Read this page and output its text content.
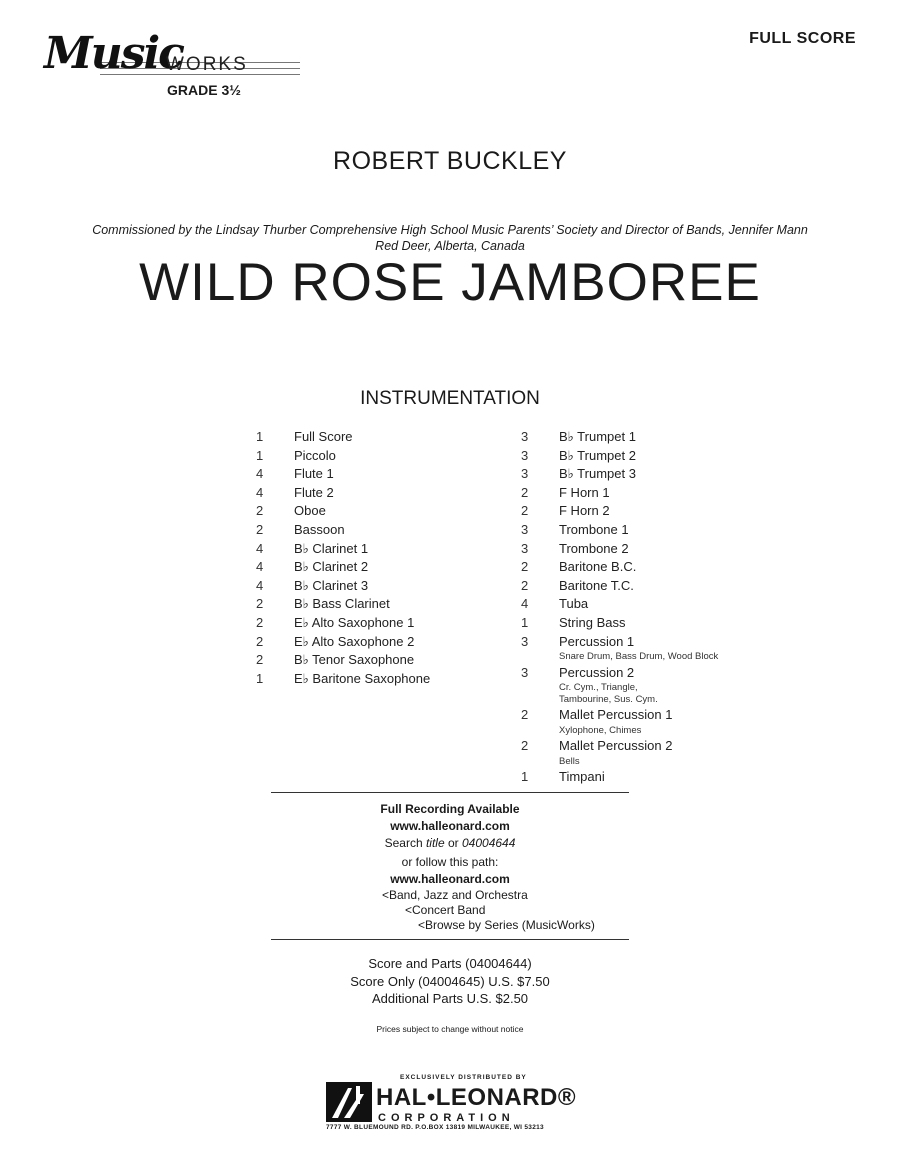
Music
WORKS
GRADE 3½
FULL SCORE
ROBERT BUCKLEY
Commissioned by the Lindsay Thurber Comprehensive High School Music Parents’ Society and Director of Bands, Jennifer Mann
Red Deer, Alberta, Canada
WILD ROSE JAMBOREE
INSTRUMENTATION
1	Full Score
1	Piccolo
4	Flute 1
4	Flute 2
2	Oboe
2	Bassoon
4	B♭ Clarinet 1
4	B♭ Clarinet 2
4	B♭ Clarinet 3
2	B♭ Bass Clarinet
2	E♭ Alto Saxophone 1
2	E♭ Alto Saxophone 2
2	B♭ Tenor Saxophone
1	E♭ Baritone Saxophone
3	B♭ Trumpet 1
3	B♭ Trumpet 2
3	B♭ Trumpet 3
2	F Horn 1
2	F Horn 2
3	Trombone 1
3	Trombone 2
2	Baritone B.C.
2	Baritone T.C.
4	Tuba
1	String Bass
3	Percussion 1
Snare Drum, Bass Drum, Wood Block
3	Percussion 2
Cr. Cym., Triangle,
Tambourine, Sus. Cym.
2	Mallet Percussion 1
Xylophone, Chimes
2	Mallet Percussion 2
Bells
1	Timpani
Full Recording Available
www.halleonard.com
Search title or 04004644
or follow this path:
www.halleonard.com
<Band, Jazz and Orchestra
<Concert Band
<Browse by Series (MusicWorks)
Score and Parts (04004644)
Score Only (04004645) U.S. $7.50
Additional Parts U.S. $2.50
Prices subject to change without notice
EXCLUSIVELY DISTRIBUTED BY
HAL•LEONARD®
CORPORATION
7777 W. BLUEMOUND RD. P.O.BOX 13819 MILWAUKEE, WI 53213
